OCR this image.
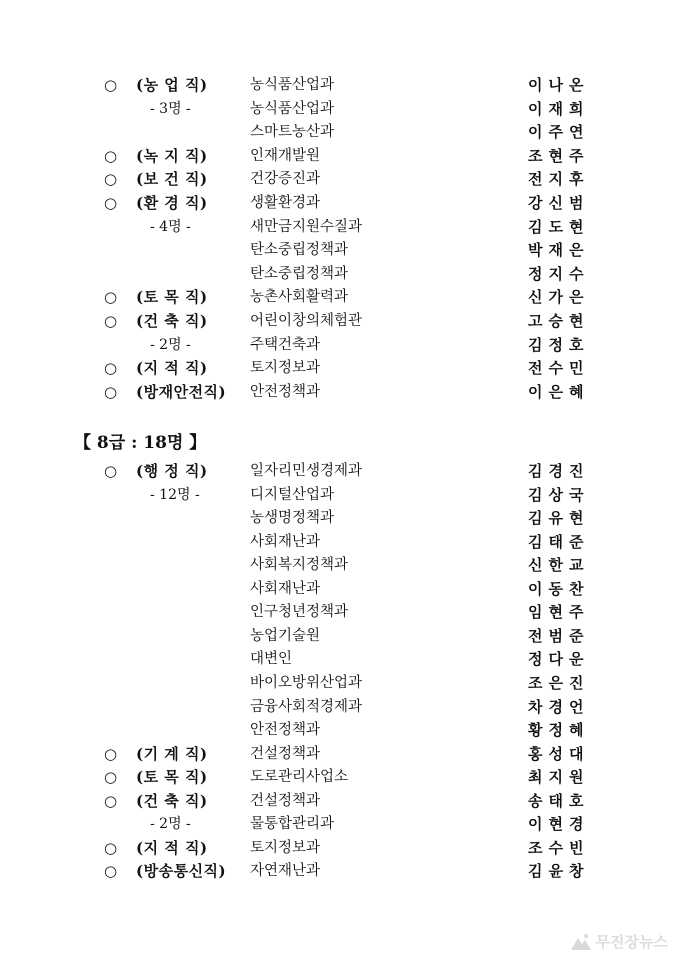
○ (농 업 직)	농식품산업과	이나온
- 3명 -	농식품산업과	이재희
스마트농산과	이주연
○ (녹 지 직)	인재개발원	조현주
○ (보 건 직)	건강증진과	전지후
○ (환 경 직)	생활환경과	강신범
- 4명 -	새만금지원수질과	김도현
탄소중립정책과	박재은
탄소중립정책과	정지수
○ (토 목 직)	농촌사회활력과	신가은
○ (건 축 직)	어린이창의체험관	고승현
- 2명 -	주택건축과	김정호
○ (지 적 직)	토지정보과	전수민
○ (방재안전직) 안전정책과	이은혜
【 8급 : 18명 】
○ (행 정 직)	일자리민생경제과	김경진
- 12명 -	디지털산업과	김상국
농생명정책과	김유현
사회재난과	김태준
사회복지정책과	신한교
사회재난과	이동찬
인구청년정책과	임현주
농업기술원	전범준
대변인	정다운
바이오방위산업과	조은진
금융사회적경제과	차경언
안전정책과	황정혜
○ (기 계 직)	건설정책과	홍성대
○ (토 목 직)	도로관리사업소	최지원
○ (건 축 직)	건설정책과	송태호
- 2명 -	물통합관리과	이현경
○ (지 적 직)	토지정보과	조수빈
○ (방송통신직) 자연재난과	김윤창
무진장뉴스
